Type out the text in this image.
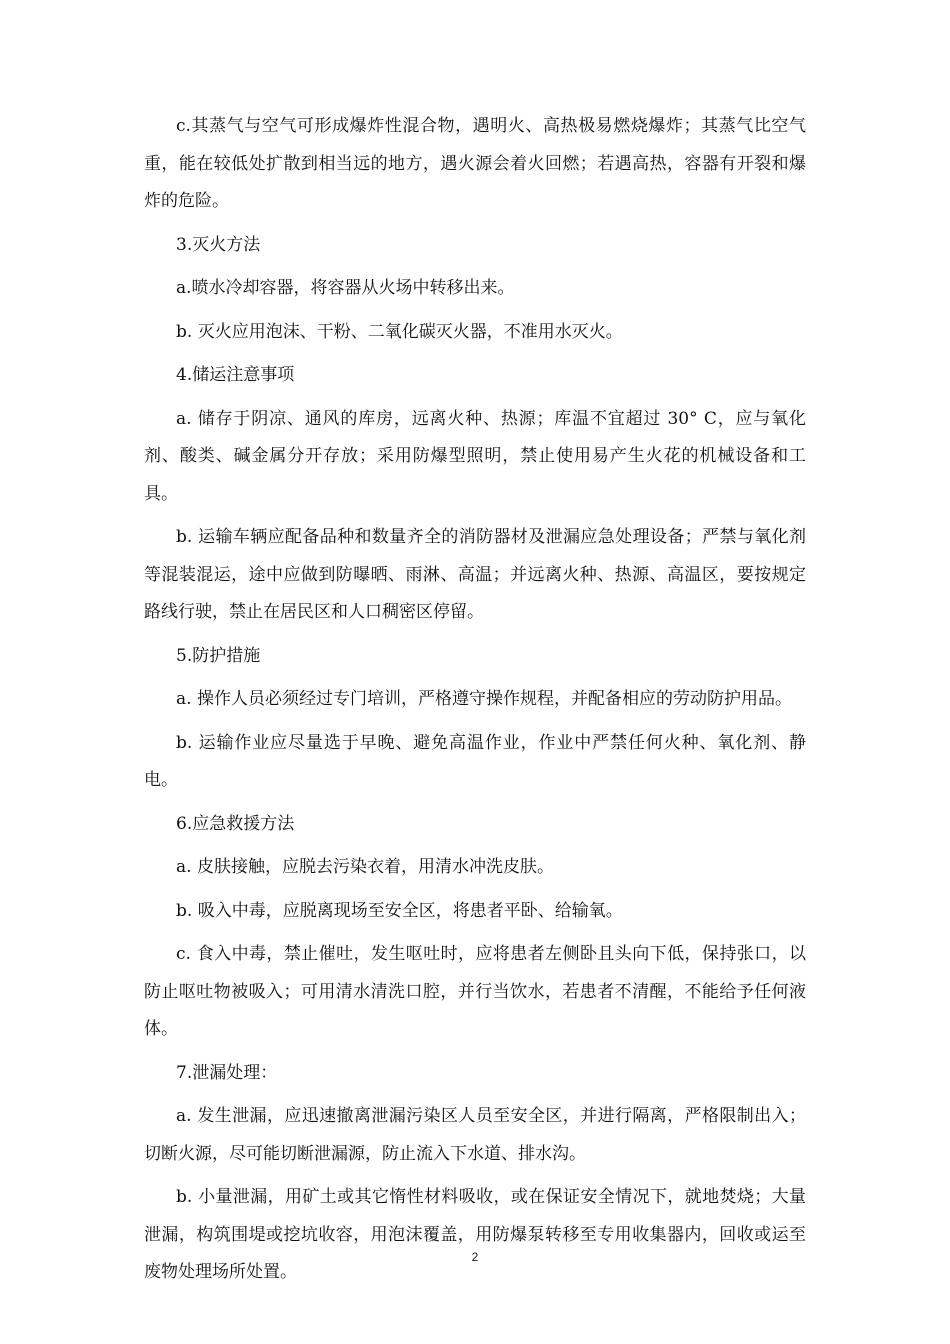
c.其蒸气与空气可形成爆炸性混合物，遇明火、高热极易燃烧爆炸；其蒸气比空气重，能在较低处扩散到相当远的地方，遇火源会着火回燃；若遇高热，容器有开裂和爆炸的危险。

3.灭火方法

a.喷水冷却容器，将容器从火场中转移出来。

b. 灭火应用泡沫、干粉、二氧化碳灭火器，不准用水灭火。

4.储运注意事项

a. 储存于阴凉、通风的库房，远离火种、热源；库温不宜超过 30° C，应与氧化剂、酸类、碱金属分开存放；采用防爆型照明，禁止使用易产生火花的机械设备和工具。

b. 运输车辆应配备品种和数量齐全的消防器材及泄漏应急处理设备；严禁与氧化剂等混装混运，途中应做到防曝晒、雨淋、高温；并远离火种、热源、高温区，要按规定路线行驶，禁止在居民区和人口稠密区停留。

5.防护措施

a. 操作人员必须经过专门培训，严格遵守操作规程，并配备相应的劳动防护用品。

b. 运输作业应尽量选于早晚、避免高温作业，作业中严禁任何火种、氧化剂、静电。

6.应急救援方法

a. 皮肤接触，应脱去污染衣着，用清水冲洗皮肤。

b. 吸入中毒，应脱离现场至安全区，将患者平卧、给输氧。

c. 食入中毒，禁止催吐，发生呕吐时，应将患者左侧卧且头向下低，保持张口，以防止呕吐物被吸入；可用清水清洗口腔，并行当饮水，若患者不清醒，不能给予任何液体。

7.泄漏处理：

a. 发生泄漏，应迅速撤离泄漏污染区人员至安全区，并进行隔离，严格限制出入；切断火源，尽可能切断泄漏源，防止流入下水道、排水沟。

b. 小量泄漏，用矿土或其它惰性材料吸收，或在保证安全情况下，就地焚烧；大量泄漏，构筑围堤或挖坑收容，用泡沫覆盖，用防爆泵转移至专用收集器内，回收或运至废物处理场所处置。

2
